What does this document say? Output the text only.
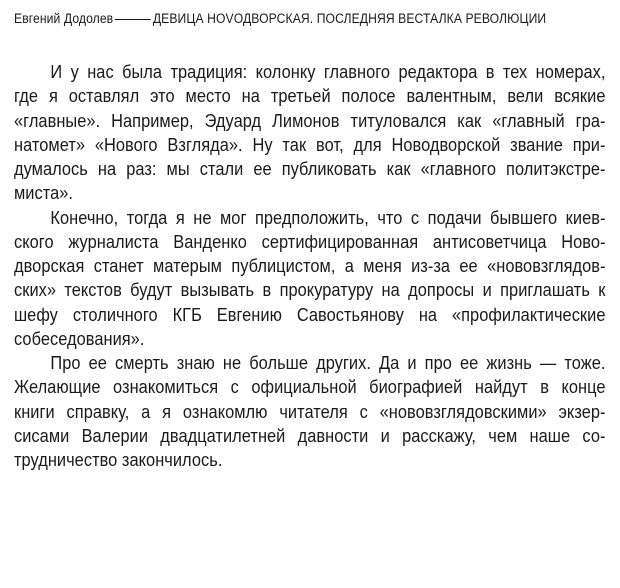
Евгений Додолев	ДЕВИЦА НОVОДВОРСКАЯ. ПОСЛЕДНЯЯ ВЕСТАЛКА РЕВОЛЮЦИИ
И у нас была традиция: колонку главного редактора в тех номерах,
где я оставлял это место на третьей полосе валентным, вели всякие
«главные». Например, Эдуард Лимонов титуловался как «главный гра-
натомет» «Нового Взгляда». Ну так вот, для Новодворской звание при-
думалось на раз: мы стали ее публиковать как «главного политэкстре-
миста».
Конечно, тогда я не мог предположить, что с подачи бывшего киев-
ского журналиста Ванденко сертифицированная антисоветчица Ново-
дворская станет матерым публицистом, а меня из-за ее «нововзглядов-
ских» текстов будут вызывать в прокуратуру на допросы и приглашать к
шефу столичного КГБ Евгению Савостьянову на «профилактические
собеседования».
Про ее смерть знаю не больше других. Да и про ее жизнь — тоже.
Желающие ознакомиться с официальной биографией найдут в конце
книги справку, а я ознакомлю читателя с «нововзглядовскими» экзер-
сисами Валерии двадцатилетней давности и расскажу, чем наше со-
трудничество закончилось.
